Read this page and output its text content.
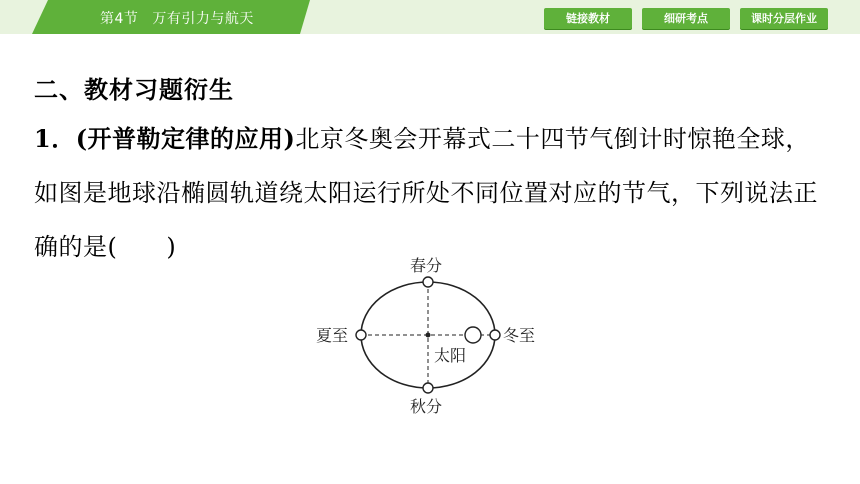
第4节 万有引力与航天	链接教材	细研考点	课时分层作业
二、教材习题衍生
1．(开普勒定律的应用)北京冬奥会开幕式二十四节气倒计时惊艳全球，如图是地球沿椭圆轨道绕太阳运行所处不同位置对应的节气，下列说法正确的是(　　)
春分
夏至	冬至
秋分
太阳
